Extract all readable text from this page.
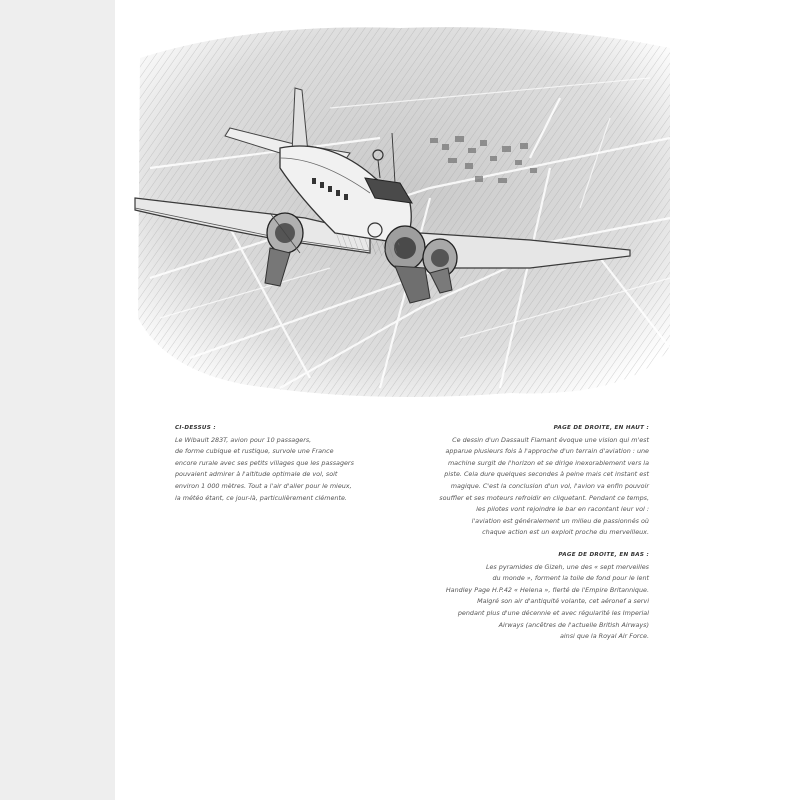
CI-DESSUS :
Le Wibault 283T, avion pour 10 passagers,
de forme cubique et rustique, survole une France
encore rurale avec ses petits villages que les passagers
pouvaient admirer à l'altitude optimale de vol, soit
environ 1 000 mètres. Tout a l'air d'aller pour le mieux,
la météo étant, ce jour-là, particulièrement clémente.
PAGE DE DROITE, EN HAUT :
Ce dessin d'un Dassault Flamant évoque une vision qui m'est
apparue plusieurs fois à l'approche d'un terrain d'aviation : une
machine surgit de l'horizon et se dirige inexorablement vers la
piste. Cela dure quelques secondes à peine mais cet instant est
magique. C'est la conclusion d'un vol, l'avion va enfin pouvoir
souffler et ses moteurs refroidir en cliquetant. Pendant ce temps,
les pilotes vont rejoindre le bar en racontant leur vol :
l'aviation est généralement un milieu de passionnés où
chaque action est un exploit proche du merveilleux.
PAGE DE DROITE, EN BAS :
Les pyramides de Gizeh, une des « sept merveilles
du monde », forment la toile de fond pour le lent
Handley Page H.P.42 « Helena », fierté de l'Empire Britannique.
Malgré son air d'antiquité volante, cet aéronef a servi
pendant plus d'une décennie et avec régularité les Imperial
Airways (ancêtres de l'actuelle British Airways)
ainsi que la Royal Air Force.
